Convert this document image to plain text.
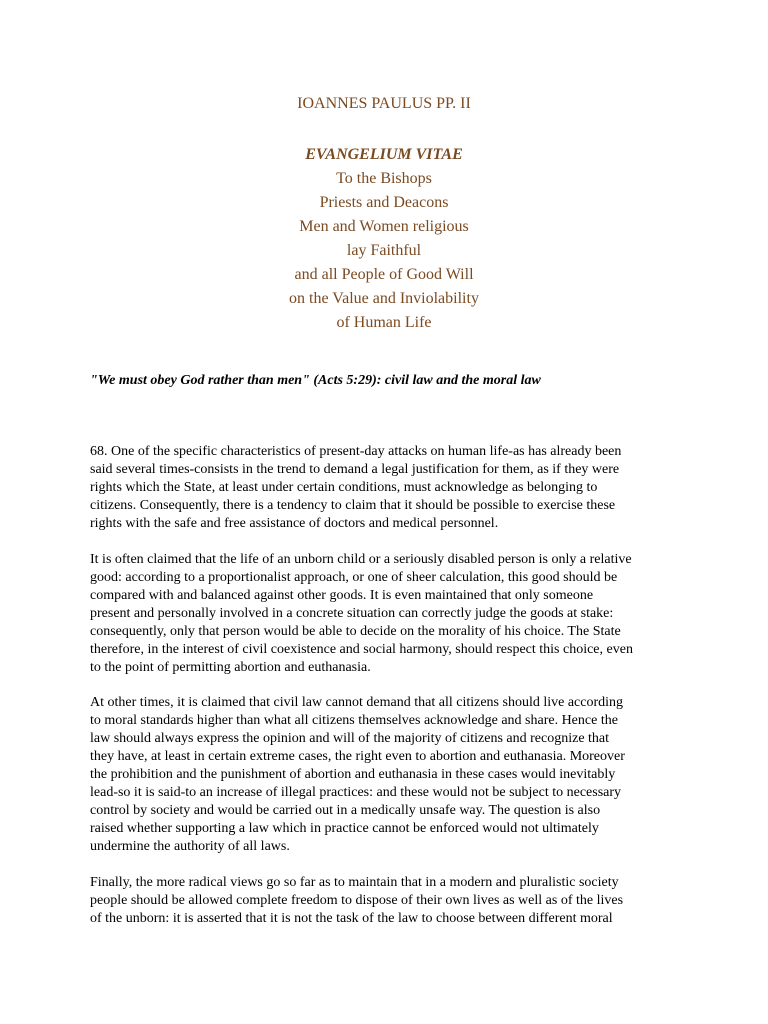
IOANNES PAULUS PP. II
EVANGELIUM VITAE
To the Bishops
Priests and Deacons
Men and Women religious
lay Faithful
and all People of Good Will
on the Value and Inviolability
of Human Life
"We must obey God rather than men" (Acts 5:29): civil law and the moral law
68. One of the specific characteristics of present-day attacks on human life-as has already been
said several times-consists in the trend to demand a legal justification for them, as if they were
rights which the State, at least under certain conditions, must acknowledge as belonging to
citizens. Consequently, there is a tendency to claim that it should be possible to exercise these
rights with the safe and free assistance of doctors and medical personnel.
It is often claimed that the life of an unborn child or a seriously disabled person is only a relative
good: according to a proportionalist approach, or one of sheer calculation, this good should be
compared with and balanced against other goods. It is even maintained that only someone
present and personally involved in a concrete situation can correctly judge the goods at stake:
consequently, only that person would be able to decide on the morality of his choice. The State
therefore, in the interest of civil coexistence and social harmony, should respect this choice, even
to the point of permitting abortion and euthanasia.
At other times, it is claimed that civil law cannot demand that all citizens should live according
to moral standards higher than what all citizens themselves acknowledge and share. Hence the
law should always express the opinion and will of the majority of citizens and recognize that
they have, at least in certain extreme cases, the right even to abortion and euthanasia. Moreover
the prohibition and the punishment of abortion and euthanasia in these cases would inevitably
lead-so it is said-to an increase of illegal practices: and these would not be subject to necessary
control by society and would be carried out in a medically unsafe way. The question is also
raised whether supporting a law which in practice cannot be enforced would not ultimately
undermine the authority of all laws.
Finally, the more radical views go so far as to maintain that in a modern and pluralistic society
people should be allowed complete freedom to dispose of their own lives as well as of the lives
of the unborn: it is asserted that it is not the task of the law to choose between different moral
